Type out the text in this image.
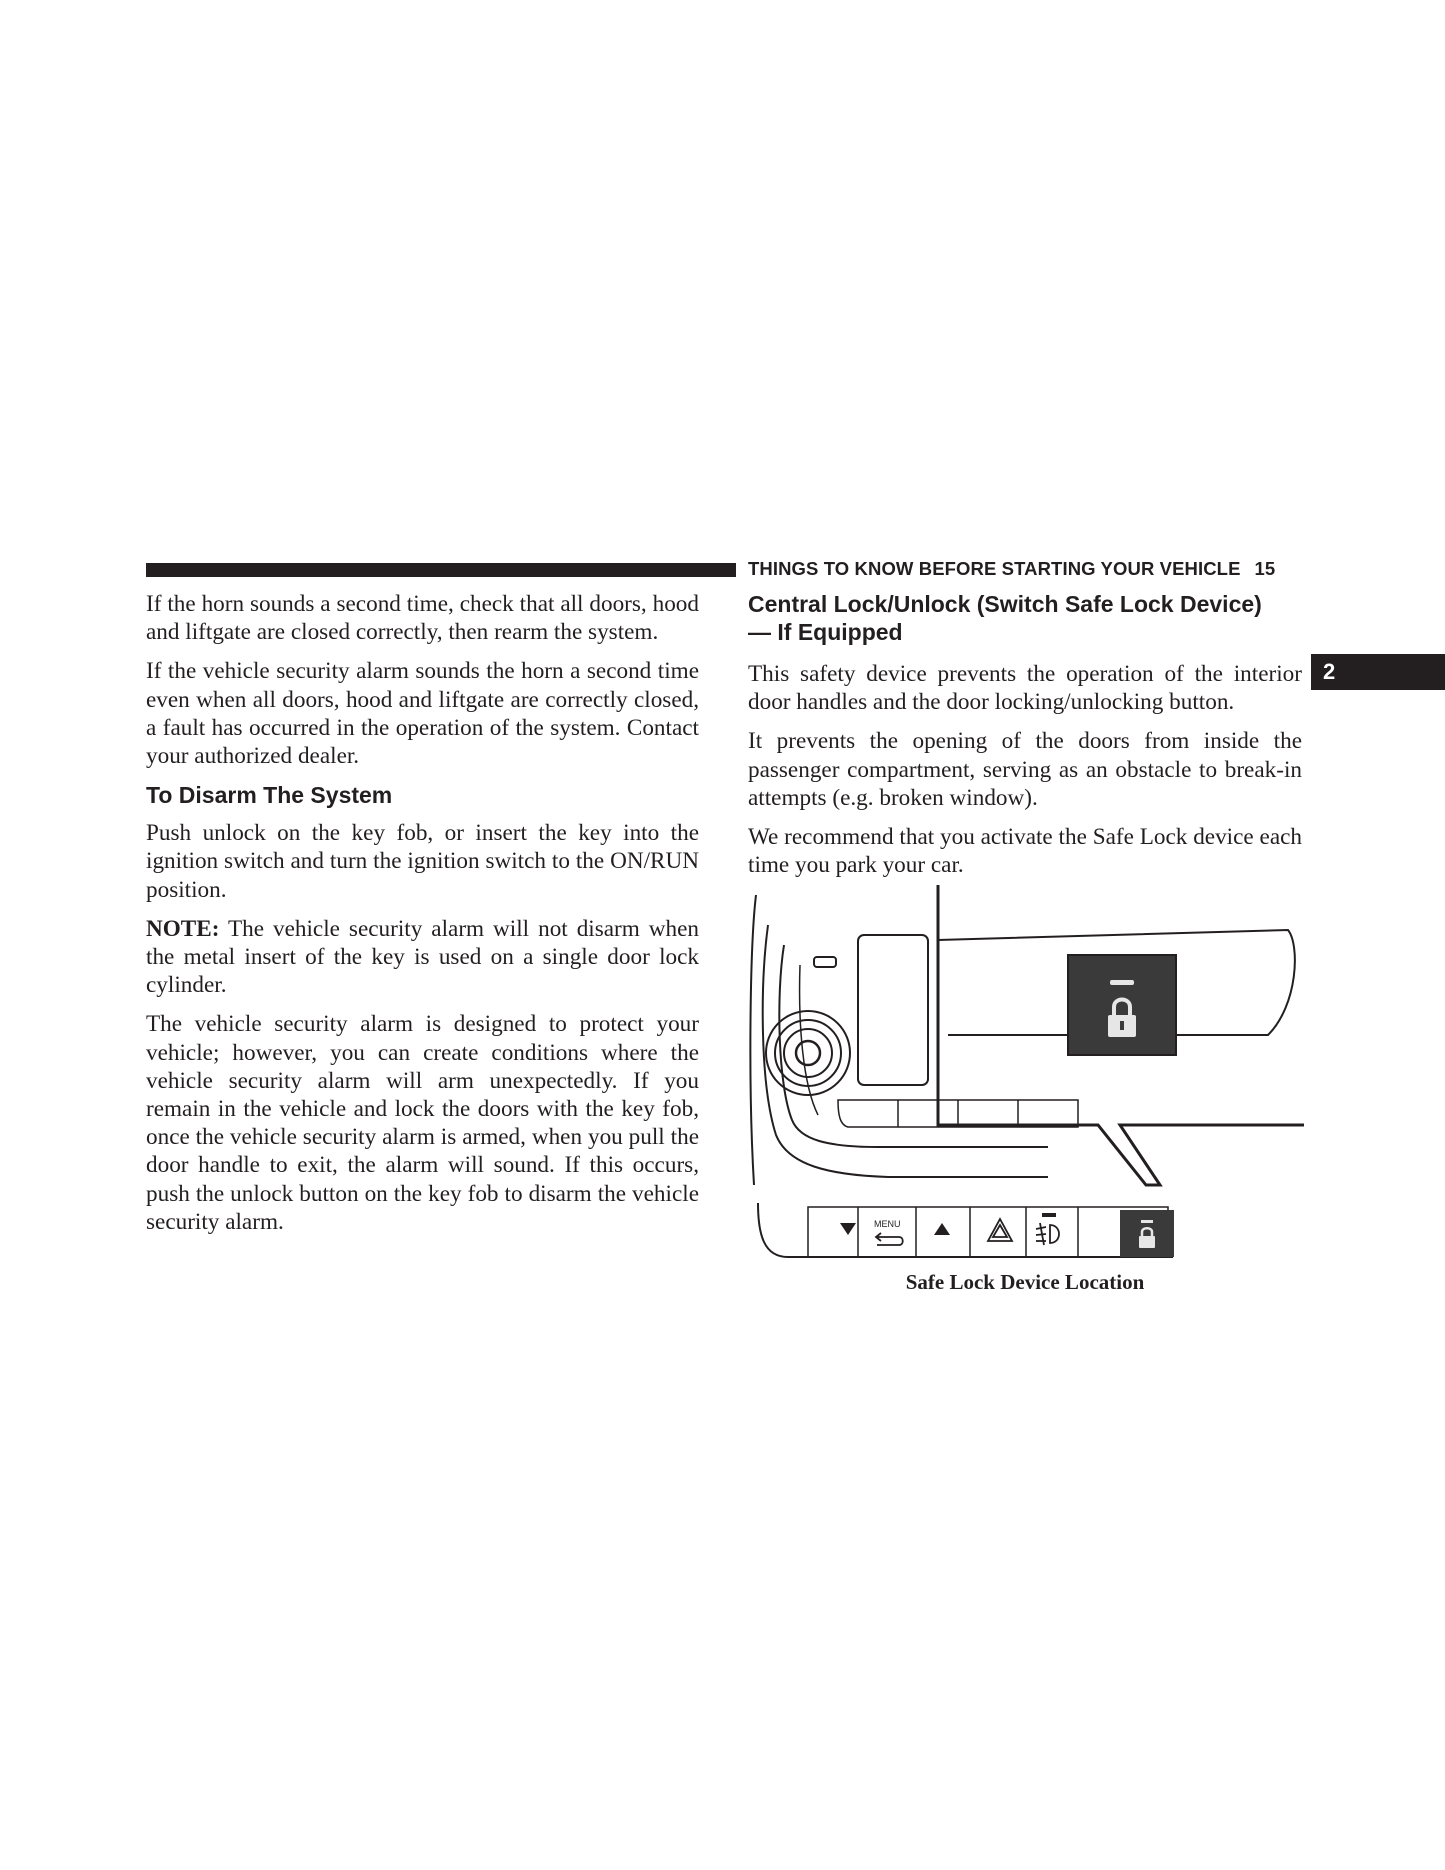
THINGS TO KNOW BEFORE STARTING YOUR VEHICLE 15

If the horn sounds a second time, check that all doors, hood and liftgate are closed correctly, then rearm the system.

If the vehicle security alarm sounds the horn a second time even when all doors, hood and liftgate are correctly closed, a fault has occurred in the operation of the system. Contact your authorized dealer.

To Disarm The System

Push unlock on the key fob, or insert the key into the ignition switch and turn the ignition switch to the ON/RUN position.

NOTE: The vehicle security alarm will not disarm when the metal insert of the key is used on a single door lock cylinder.

The vehicle security alarm is designed to protect your vehicle; however, you can create conditions where the vehicle security alarm will arm unexpectedly. If you remain in the vehicle and lock the doors with the key fob, once the vehicle security alarm is armed, when you pull the door handle to exit, the alarm will sound. If this occurs, push the unlock button on the key fob to disarm the vehicle security alarm.

Central Lock/Unlock (Switch Safe Lock Device)
— If Equipped

This safety device prevents the operation of the interior door handles and the door locking/unlocking button.

It prevents the opening of the doors from inside the passenger compartment, serving as an obstacle to break-in attempts (e.g. broken window).

We recommend that you activate the Safe Lock device each time you park your car.

2
MENU
Safe Lock Device Location
